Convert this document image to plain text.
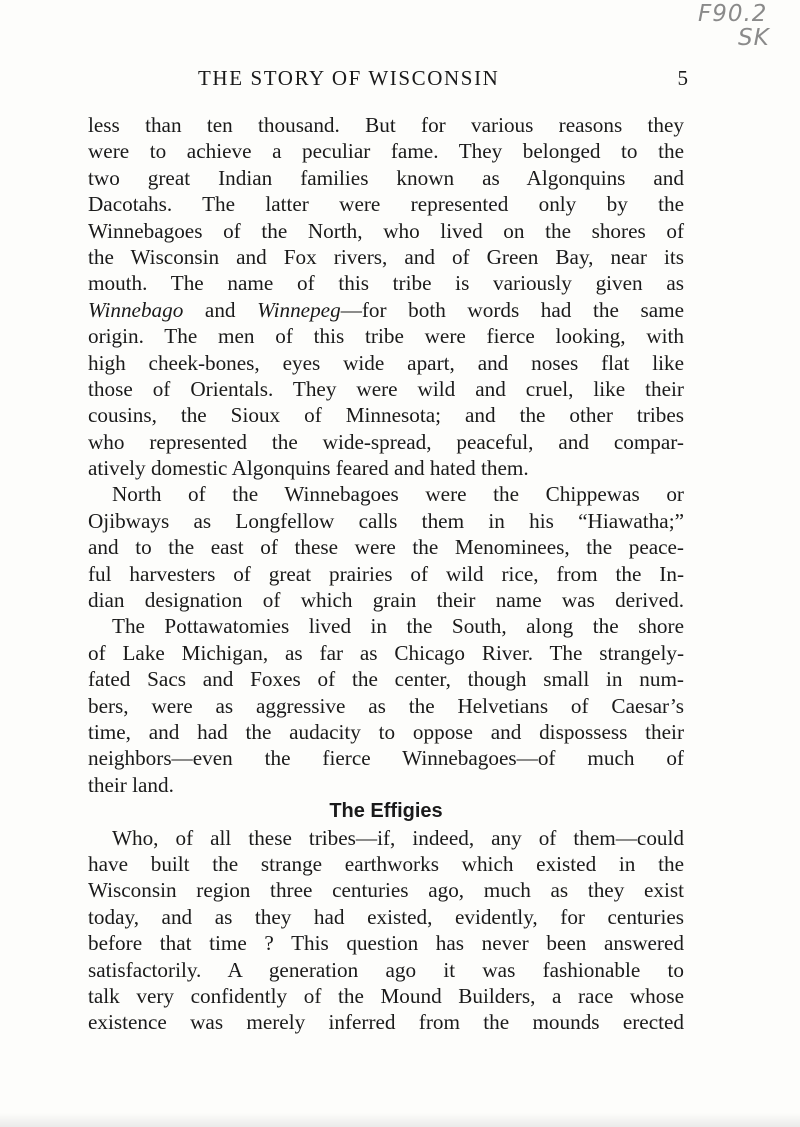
F90.2
SK
THE STORY OF WISCONSIN	5
less than ten thousand. But for various reasons they
were to achieve a peculiar fame. They belonged to the
two great Indian families known as Algonquins and
Dacotahs. The latter were represented only by the
Winnebagoes of the North, who lived on the shores of
the Wisconsin and Fox rivers, and of Green Bay, near its
mouth. The name of this tribe is variously given as
Winnebago and Winnepeg—for both words had the same
origin. The men of this tribe were fierce looking, with
high cheek-bones, eyes wide apart, and noses flat like
those of Orientals. They were wild and cruel, like their
cousins, the Sioux of Minnesota; and the other tribes
who represented the wide-spread, peaceful, and compar-
atively domestic Algonquins feared and hated them.
North of the Winnebagoes were the Chippewas or
Ojibways as Longfellow calls them in his “Hiawatha;”
and to the east of these were the Menominees, the peace-
ful harvesters of great prairies of wild rice, from the In-
dian designation of which grain their name was derived.
The Pottawatomies lived in the South, along the shore
of Lake Michigan, as far as Chicago River. The strangely-
fated Sacs and Foxes of the center, though small in num-
bers, were as aggressive as the Helvetians of Caesar’s
time, and had the audacity to oppose and dispossess their
neighbors—even the fierce Winnebagoes—of much of
their land.
The Effigies
Who, of all these tribes—if, indeed, any of them—could
have built the strange earthworks which existed in the
Wisconsin region three centuries ago, much as they exist
today, and as they had existed, evidently, for centuries
before that time ? This question has never been answered
satisfactorily. A generation ago it was fashionable to
talk very confidently of the Mound Builders, a race whose
existence was merely inferred from the mounds erected
